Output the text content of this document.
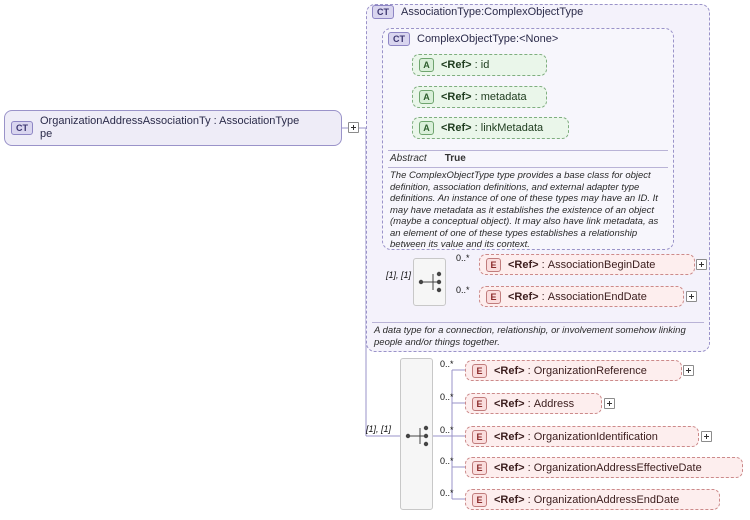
CT
OrganizationAddressAssociationTy : AssociationType
pe
CT	AssociationType : ComplexObjectType
CT	ComplexObjectType : <None>
A	<Ref> : id
A	<Ref> : metadata
A	<Ref> : linkMetadata
Abstract True
The ComplexObjectType type provides a base class for object definition, association definitions, and external adapter type definitions. An instance of one of these types may have an ID. It may have metadata as it establishes the existence of an object (maybe a conceptual object). It may also have link metadata, as an element of one of these types establishes a relationship between its value and its context.
[1], [1]
0..*
E	<Ref> : AssociationBeginDate
0..*
E	<Ref> : AssociationEndDate
A data type for a connection, relationship, or involvement somehow linking people and/or things together.
[1], [1]
0..*
E	<Ref> : OrganizationReference
0..*
E	<Ref> : Address
0..*
E	<Ref> : OrganizationIdentification
0..*
E	<Ref> : OrganizationAddressEffectiveDate
0..*
E	<Ref> : OrganizationAddressEndDate
